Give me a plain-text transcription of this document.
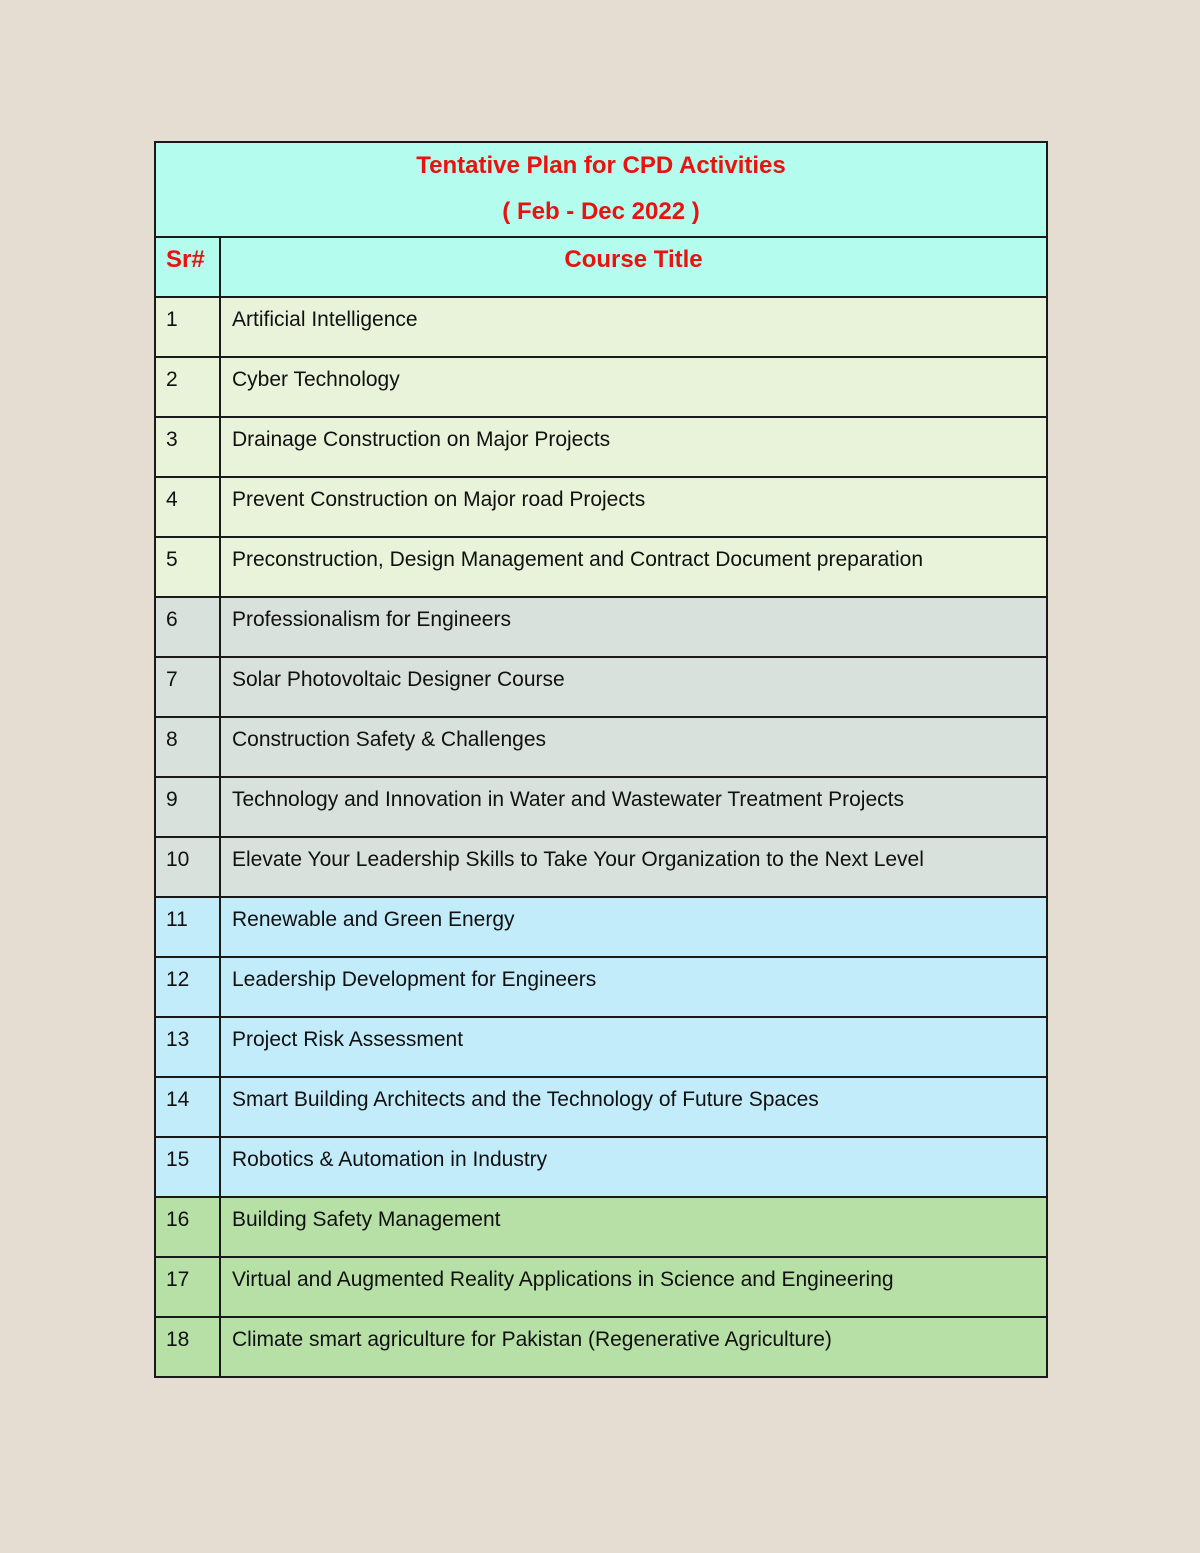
Tentative Plan for CPD Activities
( Feb - Dec 2022 )	

Sr#	Course Title
1	Artificial Intelligence
2	Cyber Technology
3	Drainage Construction on Major Projects
4	Prevent Construction on Major road Projects
5	Preconstruction, Design Management and Contract Document preparation
6	Professionalism for Engineers
7	Solar Photovoltaic Designer Course
8	Construction Safety & Challenges
9	Technology and Innovation in Water and Wastewater Treatment Projects
10	Elevate Your Leadership Skills to Take Your Organization to the Next Level
11	Renewable and Green Energy
12	Leadership Development for Engineers
13	Project Risk Assessment
14	Smart Building Architects and the Technology of Future Spaces
15	Robotics & Automation in Industry
16	Building Safety Management
17	Virtual and Augmented Reality Applications in Science and Engineering
18	Climate smart agriculture for Pakistan (Regenerative Agriculture)
